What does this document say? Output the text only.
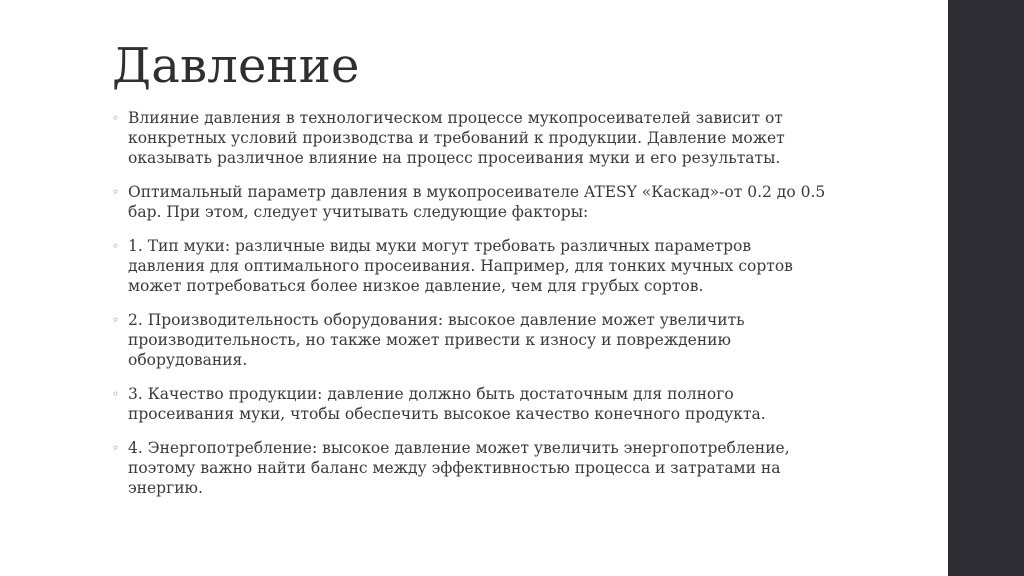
Давление
◦ Влияние давления в технологическом процессе мукопросеивателей зависит от конкретных условий производства и требований к продукции. Давление может оказывать различное влияние на процесс просеивания муки и его результаты.
◦ Оптимальный параметр давления в мукопросеивателе ATESY «Каскад»-от 0.2 до 0.5 бар. При этом, следует учитывать следующие факторы:
◦ 1. Тип муки: различные виды муки могут требовать различных параметров давления для оптимального просеивания. Например, для тонких мучных сортов может потребоваться более низкое давление, чем для грубых сортов.
◦ 2. Производительность оборудования: высокое давление может увеличить производительность, но также может привести к износу и повреждению оборудования.
◦ 3. Качество продукции: давление должно быть достаточным для полного просеивания муки, чтобы обеспечить высокое качество конечного продукта.
◦ 4. Энергопотребление: высокое давление может увеличить энергопотребление, поэтому важно найти баланс между эффективностью процесса и затратами на энергию.
